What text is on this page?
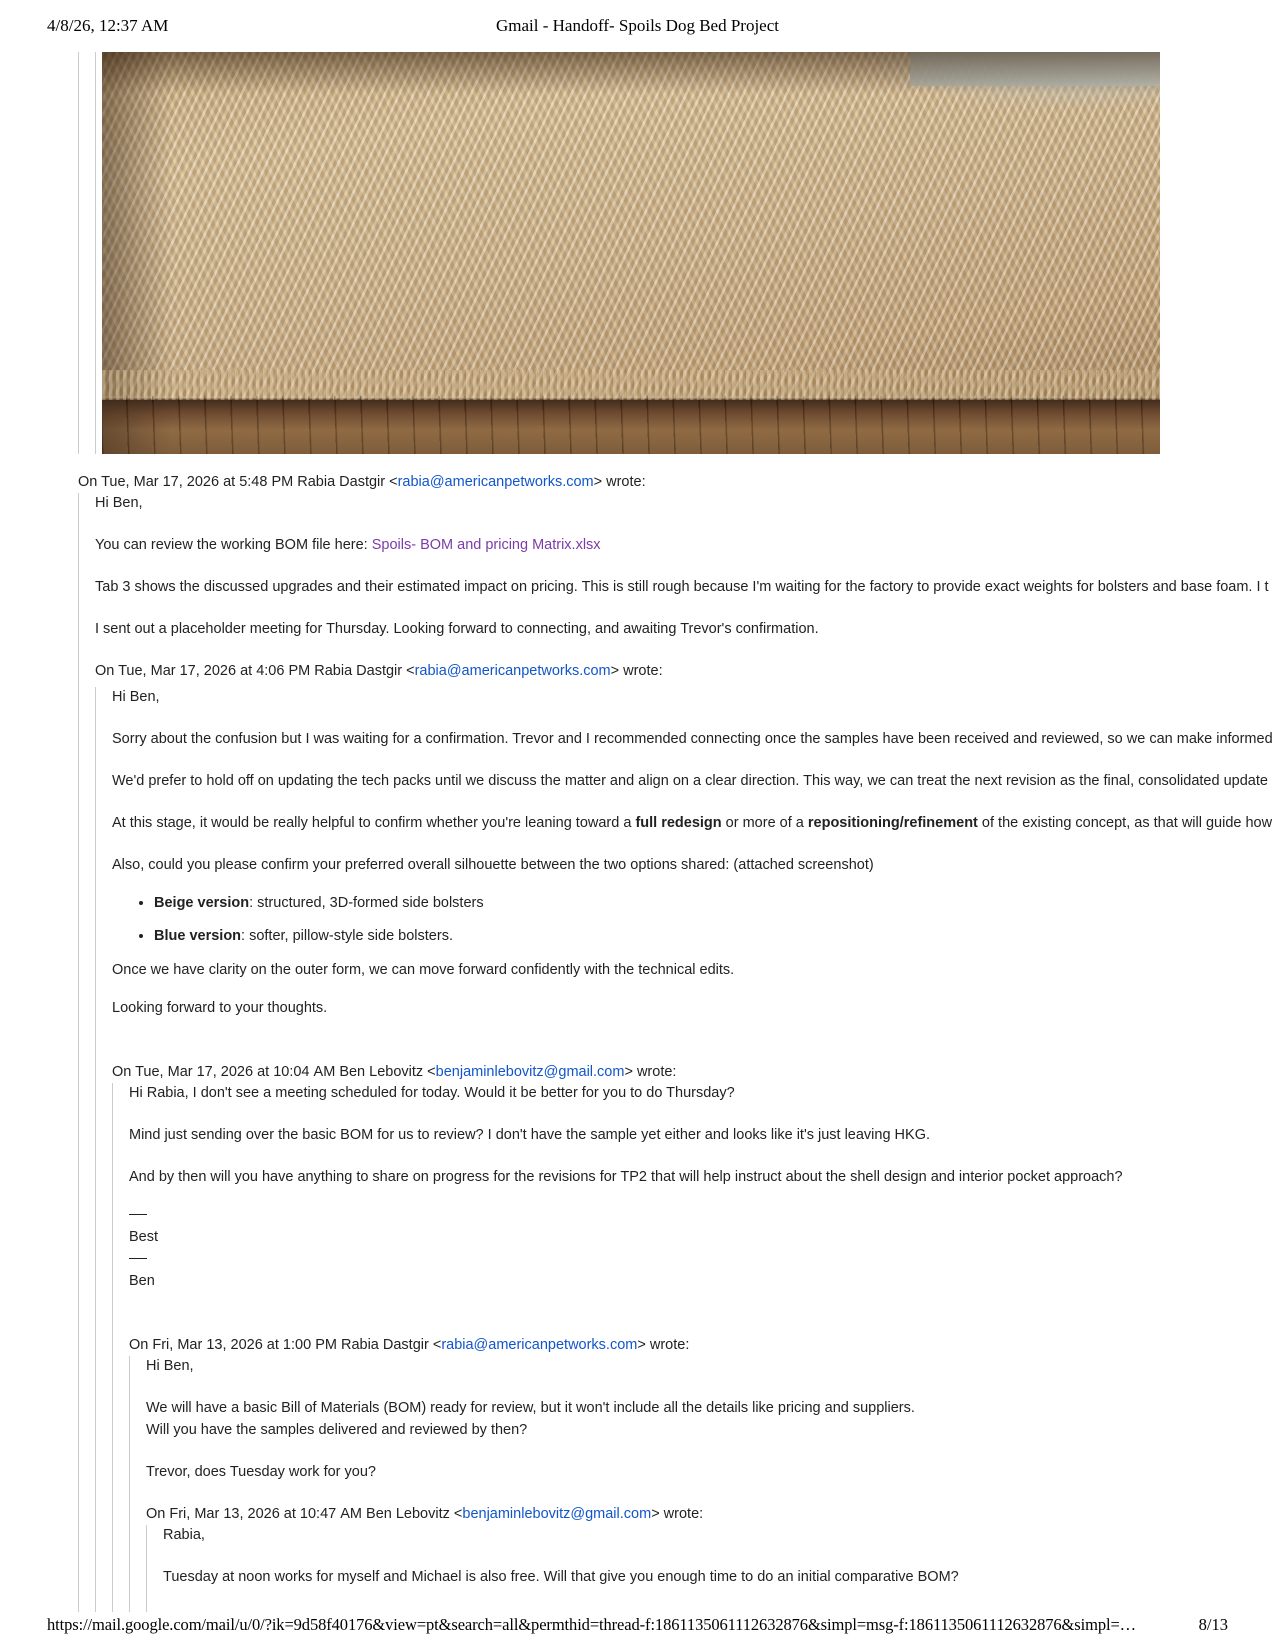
4/8/26, 12:37 AM	Gmail - Handoff- Spoils Dog Bed Project

On Tue, Mar 17, 2026 at 5:48 PM Rabia Dastgir <rabia@americanpetworks.com> wrote:

Hi Ben,

You can review the working BOM file here: Spoils- BOM and pricing Matrix.xlsx

Tab 3 shows the discussed upgrades and their estimated impact on pricing. This is still rough because I'm waiting for the factory to provide exact weights for bolsters and base foam. I t

I sent out a placeholder meeting for Thursday. Looking forward to connecting, and awaiting Trevor's confirmation.

On Tue, Mar 17, 2026 at 4:06 PM Rabia Dastgir <rabia@americanpetworks.com> wrote:

Hi Ben,

Sorry about the confusion but I was waiting for a confirmation. Trevor and I recommended connecting once the samples have been received and reviewed, so we can make informed

We'd prefer to hold off on updating the tech packs until we discuss the matter and align on a clear direction. This way, we can treat the next revision as the final, consolidated update

At this stage, it would be really helpful to confirm whether you're leaning toward a full redesign or more of a repositioning/refinement of the existing concept, as that will guide how

Also, could you please confirm your preferred overall silhouette between the two options shared: (attached screenshot)

• Beige version: structured, 3D-formed side bolsters
• Blue version: softer, pillow-style side bolsters.

Once we have clarity on the outer form, we can move forward confidently with the technical edits.

Looking forward to your thoughts.

On Tue, Mar 17, 2026 at 10:04 AM Ben Lebovitz <benjaminlebovitz@gmail.com> wrote:

Hi Rabia, I don't see a meeting scheduled for today. Would it be better for you to do Thursday?

Mind just sending over the basic BOM for us to review? I don't have the sample yet either and looks like it's just leaving HKG.

And by then will you have anything to share on progress for the revisions for TP2 that will help instruct about the shell design and interior pocket approach?

Best

Ben

On Fri, Mar 13, 2026 at 1:00 PM Rabia Dastgir <rabia@americanpetworks.com> wrote:

Hi Ben,

We will have a basic Bill of Materials (BOM) ready for review, but it won't include all the details like pricing and suppliers.

Will you have the samples delivered and reviewed by then?

Trevor, does Tuesday work for you?

On Fri, Mar 13, 2026 at 10:47 AM Ben Lebovitz <benjaminlebovitz@gmail.com> wrote:

Rabia,

Tuesday at noon works for myself and Michael is also free. Will that give you enough time to do an initial comparative BOM?

https://mail.google.com/mail/u/0/?ik=9d58f40176&view=pt&search=all&permthid=thread-f:1861135061112632876&simpl=msg-f:1861135061112632876&simpl=…	8/13
